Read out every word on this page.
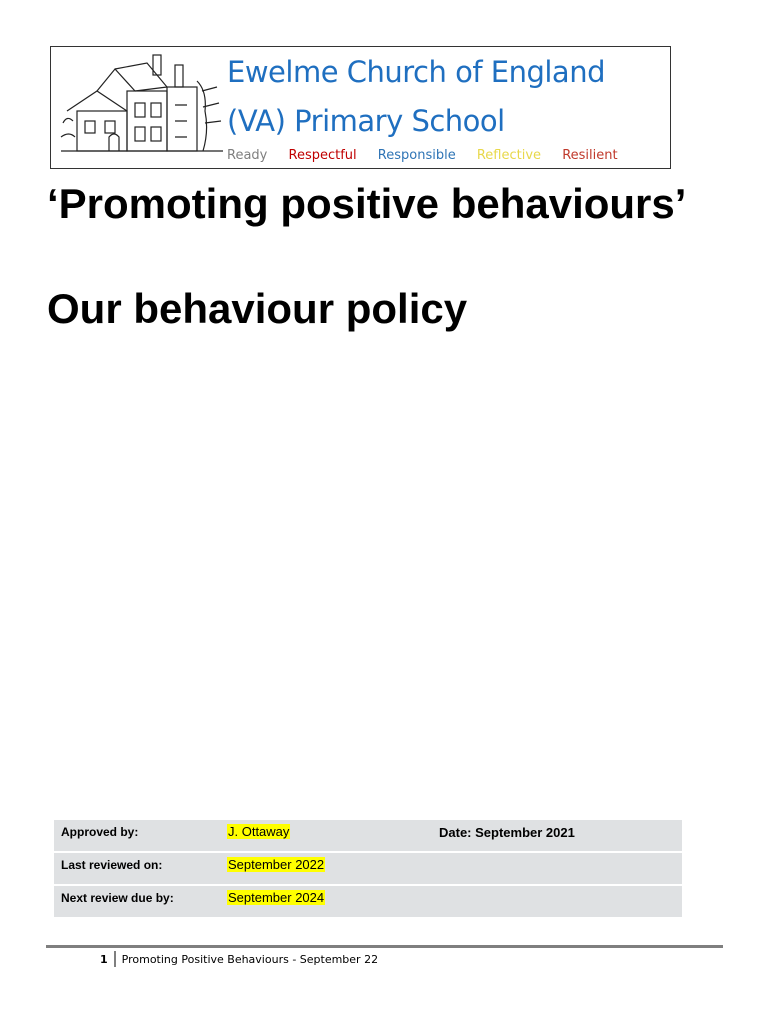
Ewelme Church of England
(VA) Primary School
Ready Respectful Responsible Reflective Resilient
‘Promoting positive behaviours’
Our behaviour policy
Approved by:	J. Ottaway	Date: September 2021
Last reviewed on:	September 2022
Next review due by:	September 2024
1 Promoting Positive Behaviours - September 22
